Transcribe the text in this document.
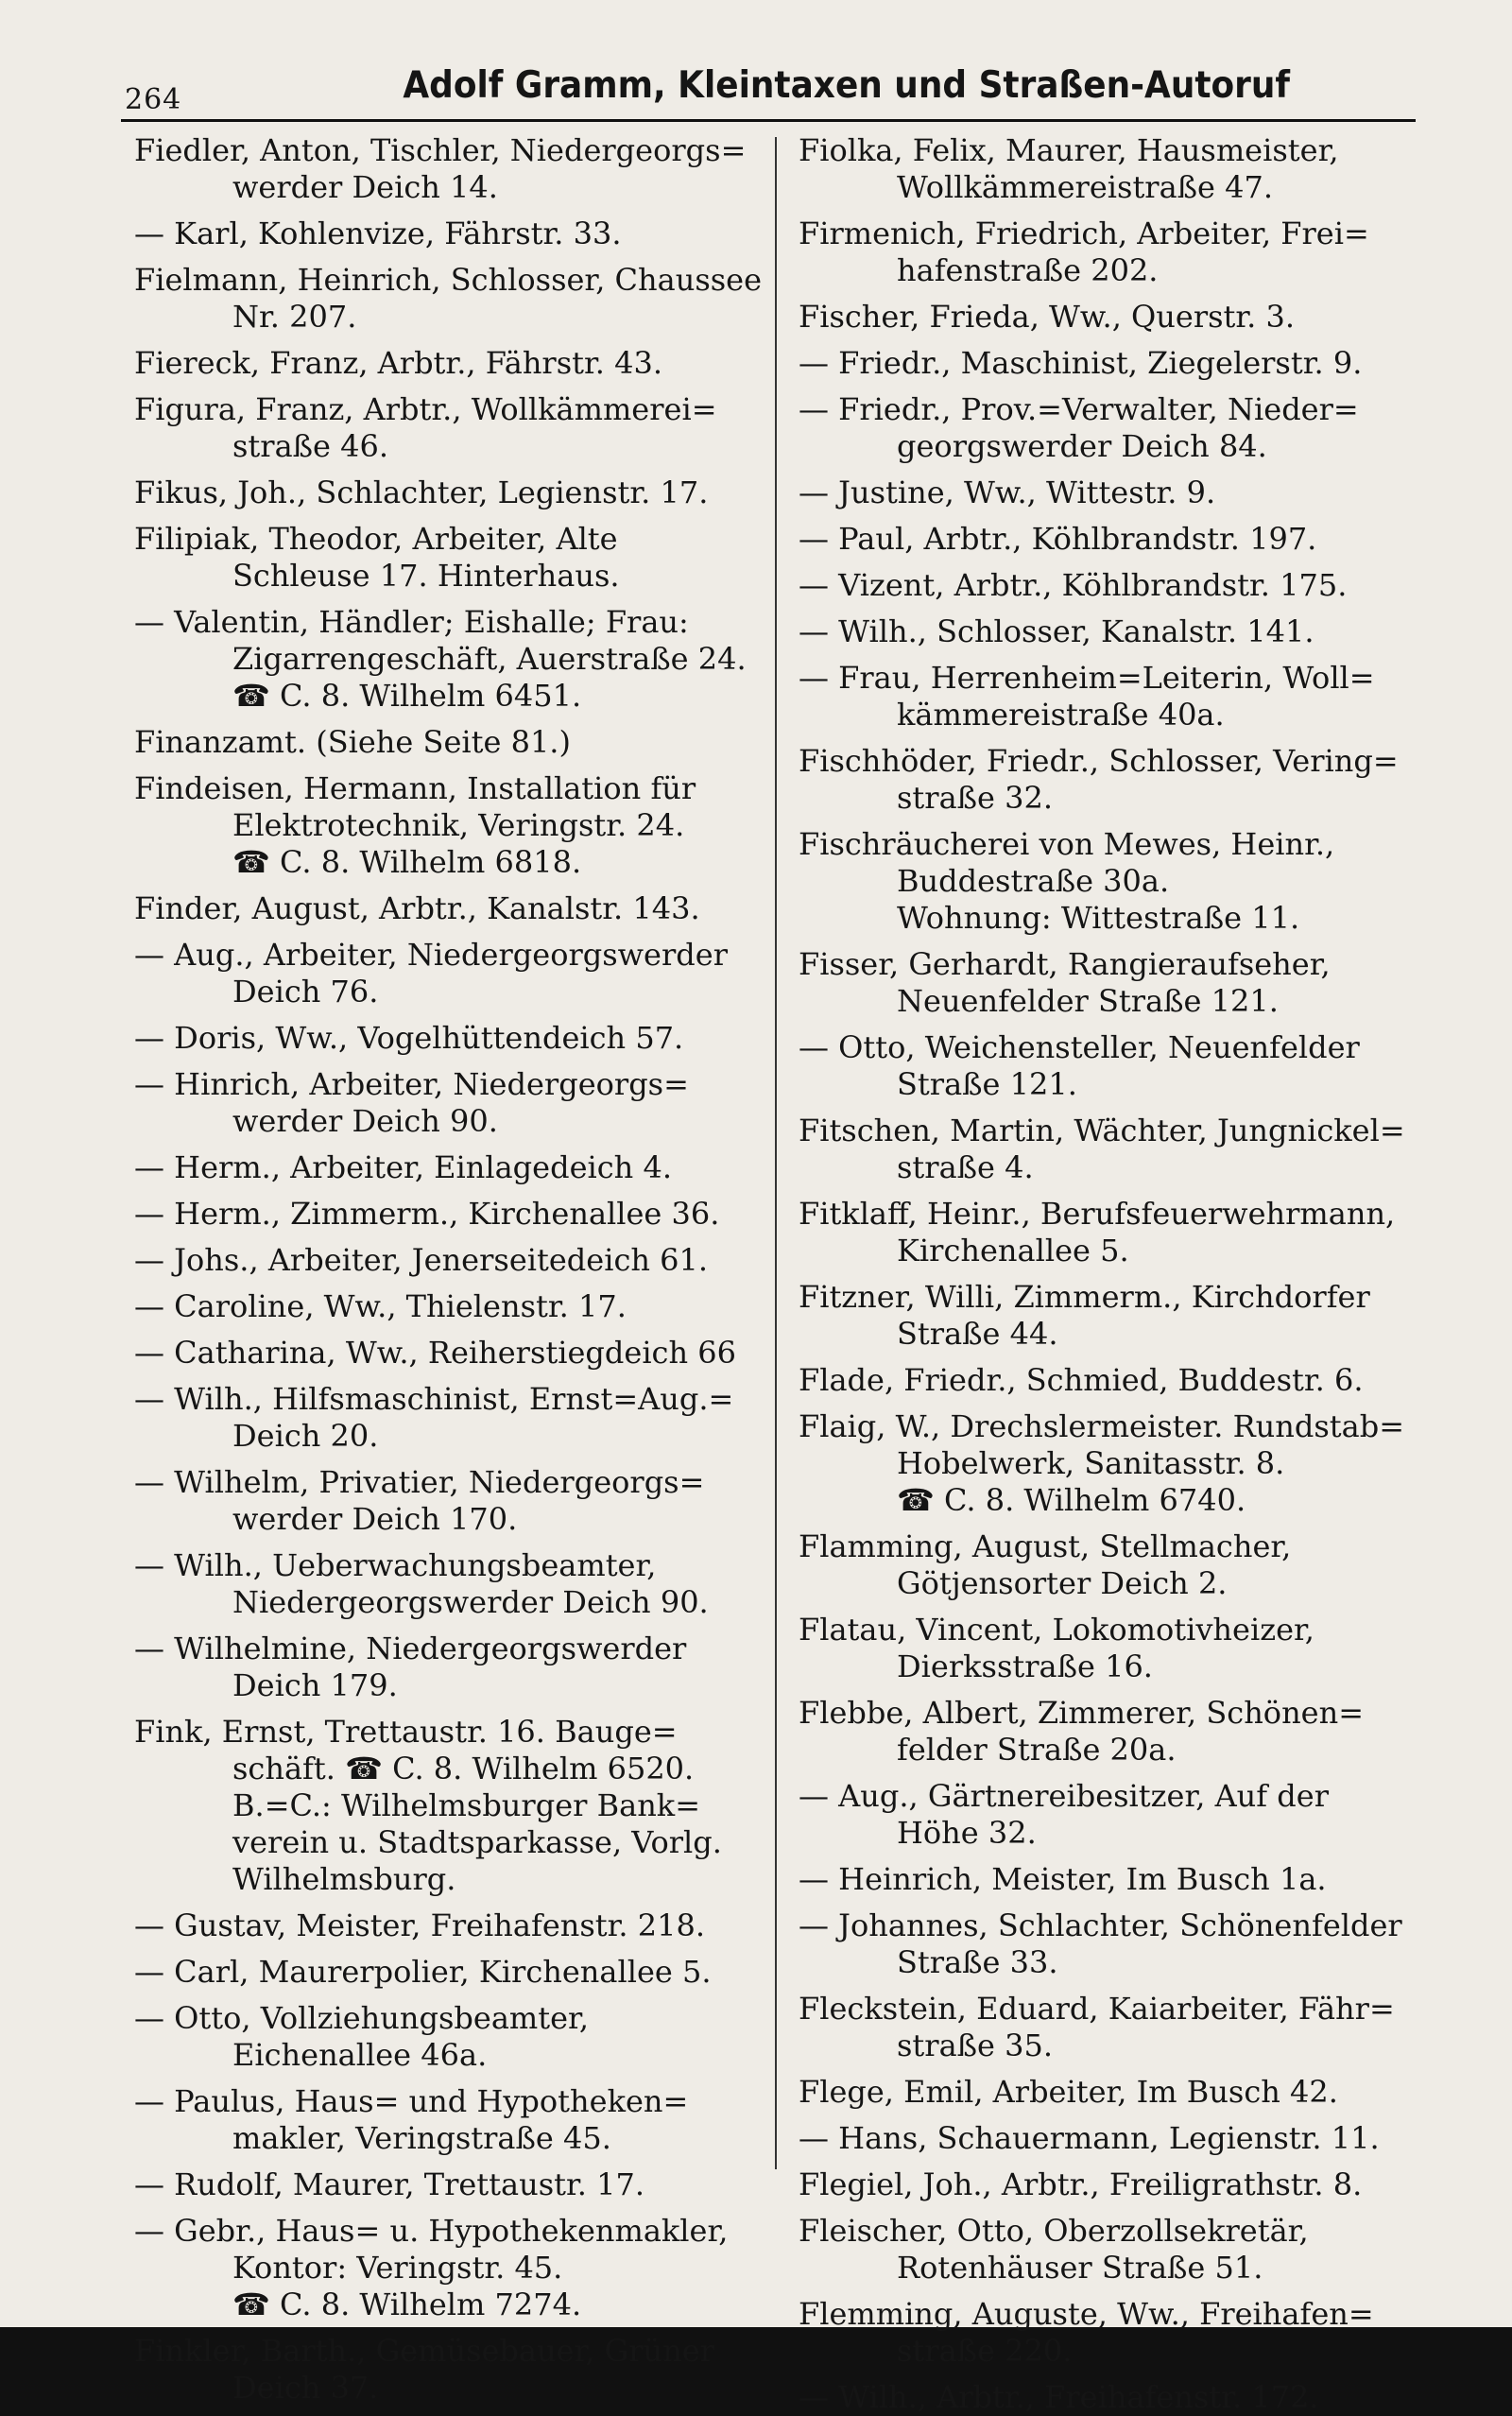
264	Adolf Gramm, Kleintaxen und Straßen-Autoruf
Fiedler, Anton, Tischler, Niedergeorgs=
werder Deich 14.
— Karl, Kohlenvize, Fährstr. 33.
Fielmann, Heinrich, Schlosser, Chaussee
Nr. 207.
Fiereck, Franz, Arbtr., Fährstr. 43.
Figura, Franz, Arbtr., Wollkämmerei=
straße 46.
Fikus, Joh., Schlachter, Legienstr. 17.
Filipiak, Theodor, Arbeiter, Alte
Schleuse 17. Hinterhaus.
— Valentin, Händler; Eishalle; Frau:
Zigarrengeschäft, Auerstraße 24.
☎ C. 8. Wilhelm 6451.
Finanzamt. (Siehe Seite 81.)
Findeisen, Hermann, Installation für
Elektrotechnik, Veringstr. 24.
☎ C. 8. Wilhelm 6818.
Finder, August, Arbtr., Kanalstr. 143.
— Aug., Arbeiter, Niedergeorgswerder
Deich 76.
— Doris, Ww., Vogelhüttendeich 57.
— Hinrich, Arbeiter, Niedergeorgs=
werder Deich 90.
— Herm., Arbeiter, Einlagedeich 4.
— Herm., Zimmerm., Kirchenallee 36.
— Johs., Arbeiter, Jenerseitedeich 61.
— Caroline, Ww., Thielenstr. 17.
— Catharina, Ww., Reiherstiegdeich 66
— Wilh., Hilfsmaschinist, Ernst=Aug.=
Deich 20.
— Wilhelm, Privatier, Niedergeorgs=
werder Deich 170.
— Wilh., Ueberwachungsbeamter,
Niedergeorgswerder Deich 90.
— Wilhelmine, Niedergeorgswerder
Deich 179.
Fink, Ernst, Trettaustr. 16. Bauge=
schäft. ☎ C. 8. Wilhelm 6520.
B.=C.: Wilhelmsburger Bank=
verein u. Stadtsparkasse, Vorlg.
Wilhelmsburg.
— Gustav, Meister, Freihafenstr. 218.
— Carl, Maurerpolier, Kirchenallee 5.
— Otto, Vollziehungsbeamter,
Eichenallee 46a.
— Paulus, Haus= und Hypotheken=
makler, Veringstraße 45.
— Rudolf, Maurer, Trettaustr. 17.
— Gebr., Haus= u. Hypothekenmakler,
Kontor: Veringstr. 45.
☎ C. 8. Wilhelm 7274.
Finkler, Barth., Gemüsebauer, Grüner
Deich 37.
Fiolka, Felix, Maurer, Hausmeister,
Wollkämmereistraße 47.
Firmenich, Friedrich, Arbeiter, Frei=
hafenstraße 202.
Fischer, Frieda, Ww., Querstr. 3.
— Friedr., Maschinist, Ziegelerstr. 9.
— Friedr., Prov.=Verwalter, Nieder=
georgswerder Deich 84.
— Justine, Ww., Wittestr. 9.
— Paul, Arbtr., Köhlbrandstr. 197.
— Vizent, Arbtr., Köhlbrandstr. 175.
— Wilh., Schlosser, Kanalstr. 141.
— Frau, Herrenheim=Leiterin, Woll=
kämmereistraße 40a.
Fischhöder, Friedr., Schlosser, Vering=
straße 32.
Fischräucherei von Mewes, Heinr.,
Buddestraße 30a.
Wohnung: Wittestraße 11.
Fisser, Gerhardt, Rangieraufseher,
Neuenfelder Straße 121.
— Otto, Weichensteller, Neuenfelder
Straße 121.
Fitschen, Martin, Wächter, Jungnickel=
straße 4.
Fitklaff, Heinr., Berufsfeuerwehrmann,
Kirchenallee 5.
Fitzner, Willi, Zimmerm., Kirchdorfer
Straße 44.
Flade, Friedr., Schmied, Buddestr. 6.
Flaig, W., Drechslermeister. Rundstab=
Hobelwerk, Sanitasstr. 8.
☎ C. 8. Wilhelm 6740.
Flamming, August, Stellmacher,
Götjensorter Deich 2.
Flatau, Vincent, Lokomotivheizer,
Dierksstraße 16.
Flebbe, Albert, Zimmerer, Schönen=
felder Straße 20a.
— Aug., Gärtnereibesitzer, Auf der
Höhe 32.
— Heinrich, Meister, Im Busch 1a.
— Johannes, Schlachter, Schönenfelder
Straße 33.
Fleckstein, Eduard, Kaiarbeiter, Fähr=
straße 35.
Flege, Emil, Arbeiter, Im Busch 42.
— Hans, Schauermann, Legienstr. 11.
Flegiel, Joh., Arbtr., Freiligrathstr. 8.
Fleischer, Otto, Oberzollsekretär,
Rotenhäuser Straße 51.
Flemming, Auguste, Ww., Freihafen=
straße 220.
— Wilh., Arbtr., Freihafenstr. 172.
